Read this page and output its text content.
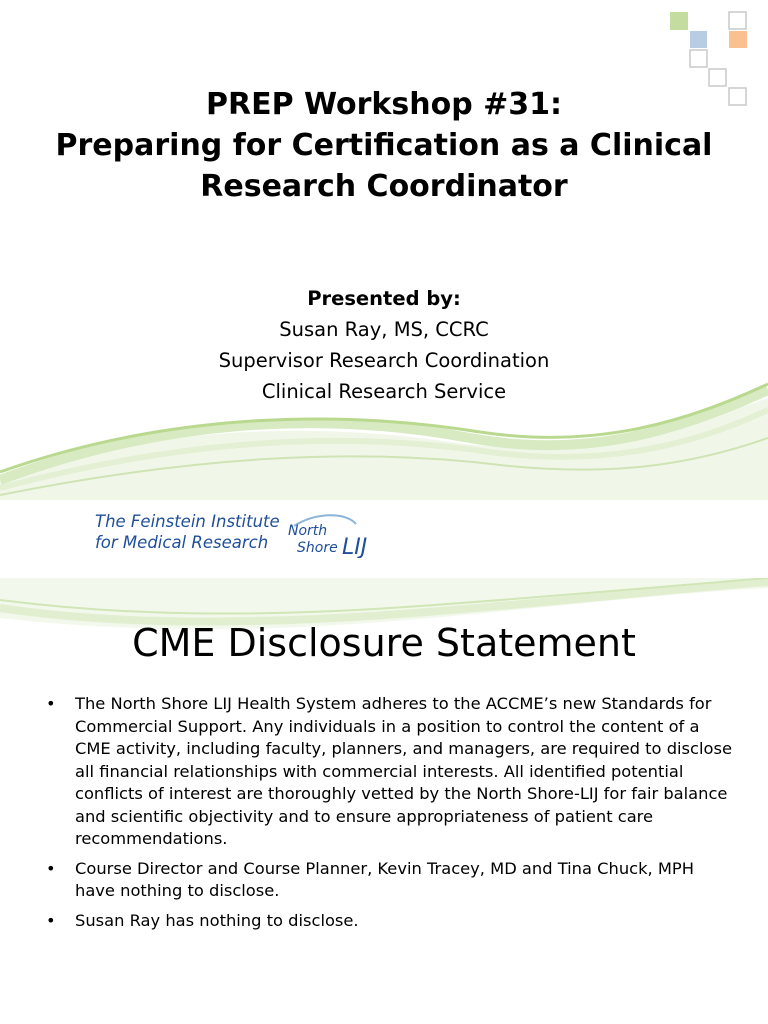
PREP Workshop #31:
Preparing for Certification as a Clinical
Research Coordinator
Presented by:
Susan Ray, MS, CCRC
Supervisor Research Coordination
Clinical Research Service
The Feinstein Institute
for Medical Research
North
Shore LIJ
CME Disclosure Statement
• The North Shore LIJ Health System adheres to the ACCME’s new Standards for Commercial Support. Any individuals in a position to control the content of a CME activity, including faculty, planners, and managers, are required to disclose all financial relationships with commercial interests. All identified potential conflicts of interest are thoroughly vetted by the North Shore-LIJ for fair balance and scientific objectivity and to ensure appropriateness of patient care recommendations.
• Course Director and Course Planner, Kevin Tracey, MD and Tina Chuck, MPH have nothing to disclose.
• Susan Ray has nothing to disclose.
